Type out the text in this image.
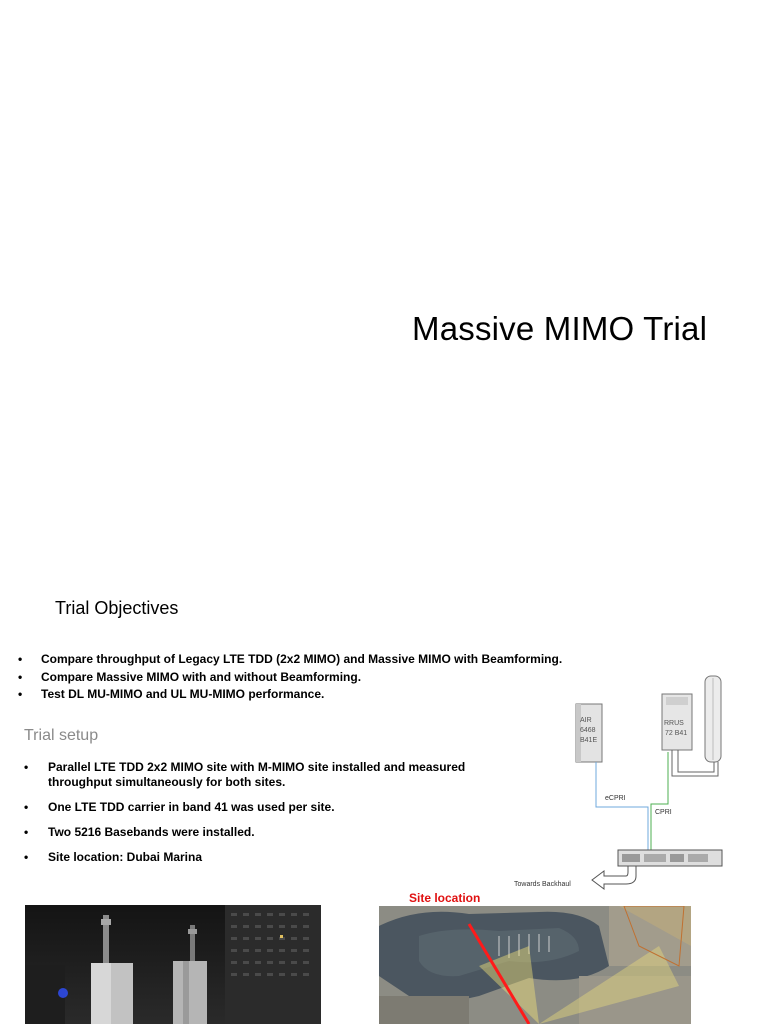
Massive MIMO Trial
Trial Objectives
• Compare throughput of Legacy LTE TDD (2x2 MIMO) and Massive MIMO with Beamforming.
• Compare Massive MIMO with and without Beamforming.
• Test DL MU-MIMO and UL MU-MIMO performance.
Trial setup
• Parallel LTE TDD 2x2 MIMO site with M-MIMO site installed and measured throughput simultaneously for both sites.
• One LTE TDD carrier in band 41 was used per site.
• Two 5216 Basebands were installed.
• Site location: Dubai Marina
AIR
6468
B41E
RRUS
72 B41
eCPRI
CPRI
Towards Backhaul
Site location
